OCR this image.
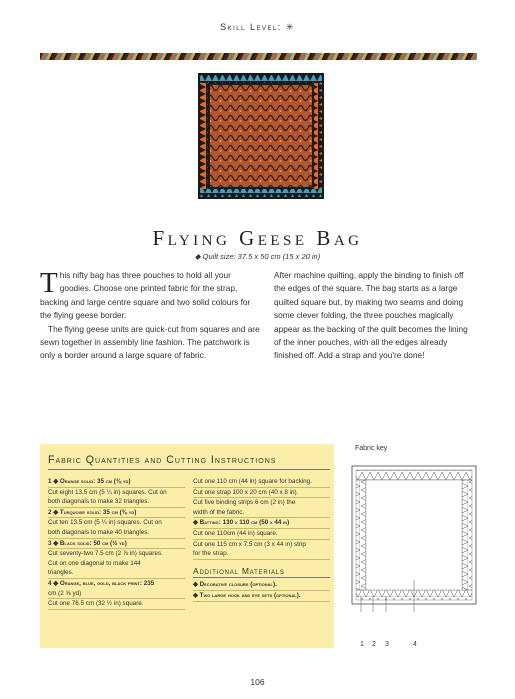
Skill Level: ✳
Flying Geese Bag
◆ Quilt size: 37.5 x 50 cm (15 x 20 in)

This nifty bag has three pouches to hold all your goodies. Choose one printed fabric for the strap, backing and large centre square and two solid colours for the flying geese border.

The flying geese units are quick-cut from squares and are sewn together in assembly line fashion. The patchwork is only a border around a large square of fabric.

After machine quilting, apply the binding to finish off the edges of the square. The bag starts as a large quilted square but, by making two seams and doing some clever folding, the three pouches magically appear as the backing of the quilt becomes the lining of the inner pouches, with all the edges already finished off. Add a strap and you're done!

Fabric Quantities and Cutting Instructions
1 ◆ Orange solid: 35 cm (⅜ yd)
Cut eight 13.5 cm (5 ¼ in) squares. Cut on
both diagonals to make 32 triangles.
2 ◆ Turquoise solid: 35 cm (⅜ yd)
Cut ten 13.5 cm (5 ¼ in) squares. Cut on
both diagonals to make 40 triangles.
3 ◆ Black solid: 50 cm (½ yd)
Cut seventy-two 7.5 cm (2 ⅞ in) squares.
Cut on one diagonal to make 144
triangles.
4 ◆ Orange, blue, gold, black print: 235
cm (2 ⅝ yd)
Cut one 76.5 cm (32 ½ in) square.
Cut one 110 cm (44 in) square for backing.
Cut one strap 100 x 20 cm (40 x 8 in).
Cut five binding strips 6 cm (2 in) the
width of the fabric.
◆ Batting: 130 x 110 cm (50 x 44 in)
Cut one 110cm (44 in) square.
Cut one 115 cm x 7.5 cm (3 x 44 in) strip
for the strap.
Additional Materials
◆ Decorative closure (optional).
◆ Two large hook and eye sets (optional).
Fabric key
1 2 3	4
106
